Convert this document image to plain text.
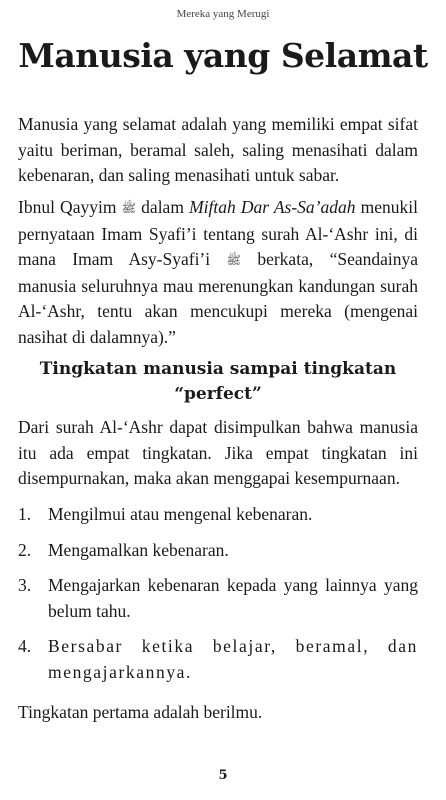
Mereka yang Merugi
Manusia yang Selamat

Manusia yang selamat adalah yang memiliki empat sifat yaitu beriman, beramal saleh, saling menasihati dalam kebenaran, dan saling menasihati untuk sabar.

Ibnul Qayyim ﷺ dalam Miftah Dar As-Sa’adah menukil pernyataan Imam Syafi’i tentang surah Al-‘Ashr ini, di mana Imam Asy-Syafi’i ﷺ berkata, “Seandainya manusia seluruhnya mau merenungkan kandungan surah Al-‘Ashr, tentu akan mencukupi mereka (mengenai nasihat di dalamnya).”

Tingkatan manusia sampai tingkatan “perfect”

Dari surah Al-‘Ashr dapat disimpulkan bahwa manusia itu ada empat tingkatan. Jika empat tingkatan ini disempurnakan, maka akan menggapai kesempurnaan.

1. Mengilmui atau mengenal kebenaran.
2. Mengamalkan kebenaran.
3. Mengajarkan kebenaran kepada yang lainnya yang belum tahu.
4. Bersabar ketika belajar, beramal, dan mengajarkannya.

Tingkatan pertama adalah berilmu.

5
